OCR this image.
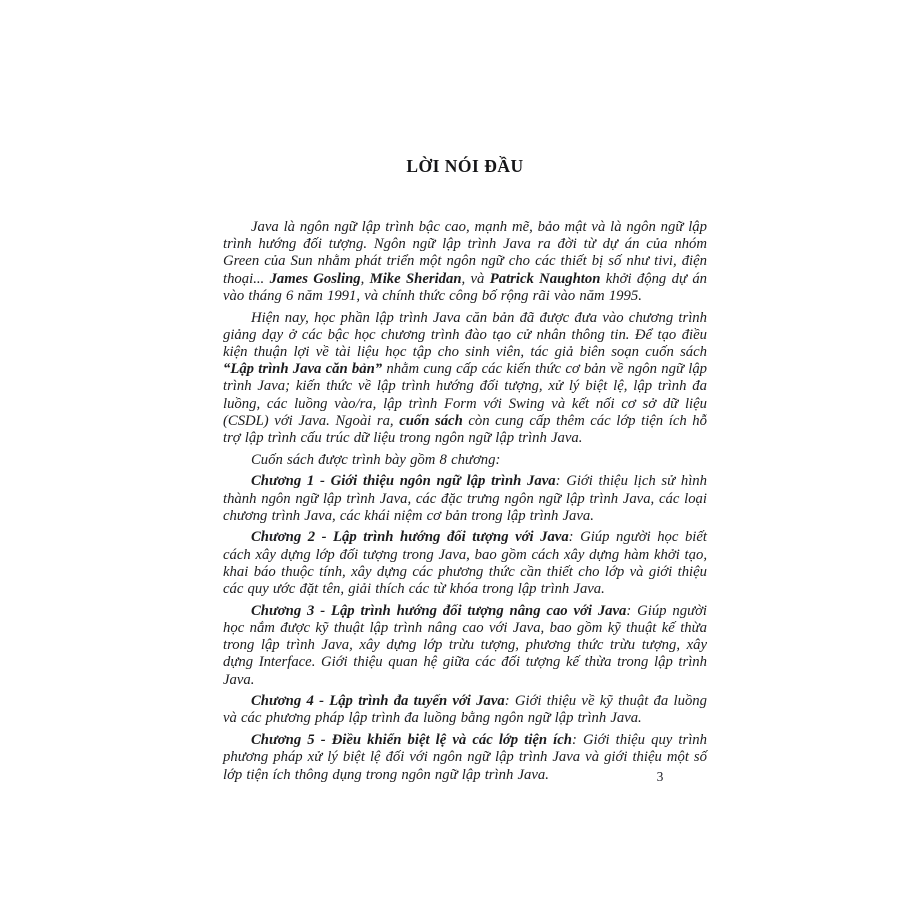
LỜI NÓI ĐẦU

Java là ngôn ngữ lập trình bậc cao, mạnh mẽ, bảo mật và là ngôn ngữ lập trình hướng đối tượng. Ngôn ngữ lập trình Java ra đời từ dự án của nhóm Green của Sun nhằm phát triển một ngôn ngữ cho các thiết bị số như tivi, điện thoại... James Gosling, Mike Sheridan, và Patrick Naughton khởi động dự án vào tháng 6 năm 1991, và chính thức công bố rộng rãi vào năm 1995.

Hiện nay, học phần lập trình Java căn bản đã được đưa vào chương trình giảng dạy ở các bậc học chương trình đào tạo cử nhân thông tin. Để tạo điều kiện thuận lợi về tài liệu học tập cho sinh viên, tác giả biên soạn cuốn sách “Lập trình Java căn bản” nhằm cung cấp các kiến thức cơ bản về ngôn ngữ lập trình Java; kiến thức về lập trình hướng đối tượng, xử lý biệt lệ, lập trình đa luồng, các luồng vào/ra, lập trình Form với Swing và kết nối cơ sở dữ liệu (CSDL) với Java. Ngoài ra, cuốn sách còn cung cấp thêm các lớp tiện ích hỗ trợ lập trình cấu trúc dữ liệu trong ngôn ngữ lập trình Java.

Cuốn sách được trình bày gồm 8 chương:

Chương 1 - Giới thiệu ngôn ngữ lập trình Java: Giới thiệu lịch sử hình thành ngôn ngữ lập trình Java, các đặc trưng ngôn ngữ lập trình Java, các loại chương trình Java, các khái niệm cơ bản trong lập trình Java.

Chương 2 - Lập trình hướng đối tượng với Java: Giúp người học biết cách xây dựng lớp đối tượng trong Java, bao gồm cách xây dựng hàm khởi tạo, khai báo thuộc tính, xây dựng các phương thức cần thiết cho lớp và giới thiệu các quy ước đặt tên, giải thích các từ khóa trong lập trình Java.

Chương 3 - Lập trình hướng đối tượng nâng cao với Java: Giúp người học nắm được kỹ thuật lập trình nâng cao với Java, bao gồm kỹ thuật kế thừa trong lập trình Java, xây dựng lớp trừu tượng, phương thức trừu tượng, xây dựng Interface. Giới thiệu quan hệ giữa các đối tượng kế thừa trong lập trình Java.

Chương 4 - Lập trình đa tuyến với Java: Giới thiệu về kỹ thuật đa luồng và các phương pháp lập trình đa luồng bằng ngôn ngữ lập trình Java.

Chương 5 - Điều khiển biệt lệ và các lớp tiện ích: Giới thiệu quy trình phương pháp xử lý biệt lệ đối với ngôn ngữ lập trình Java và giới thiệu một số lớp tiện ích thông dụng trong ngôn ngữ lập trình Java.	3
